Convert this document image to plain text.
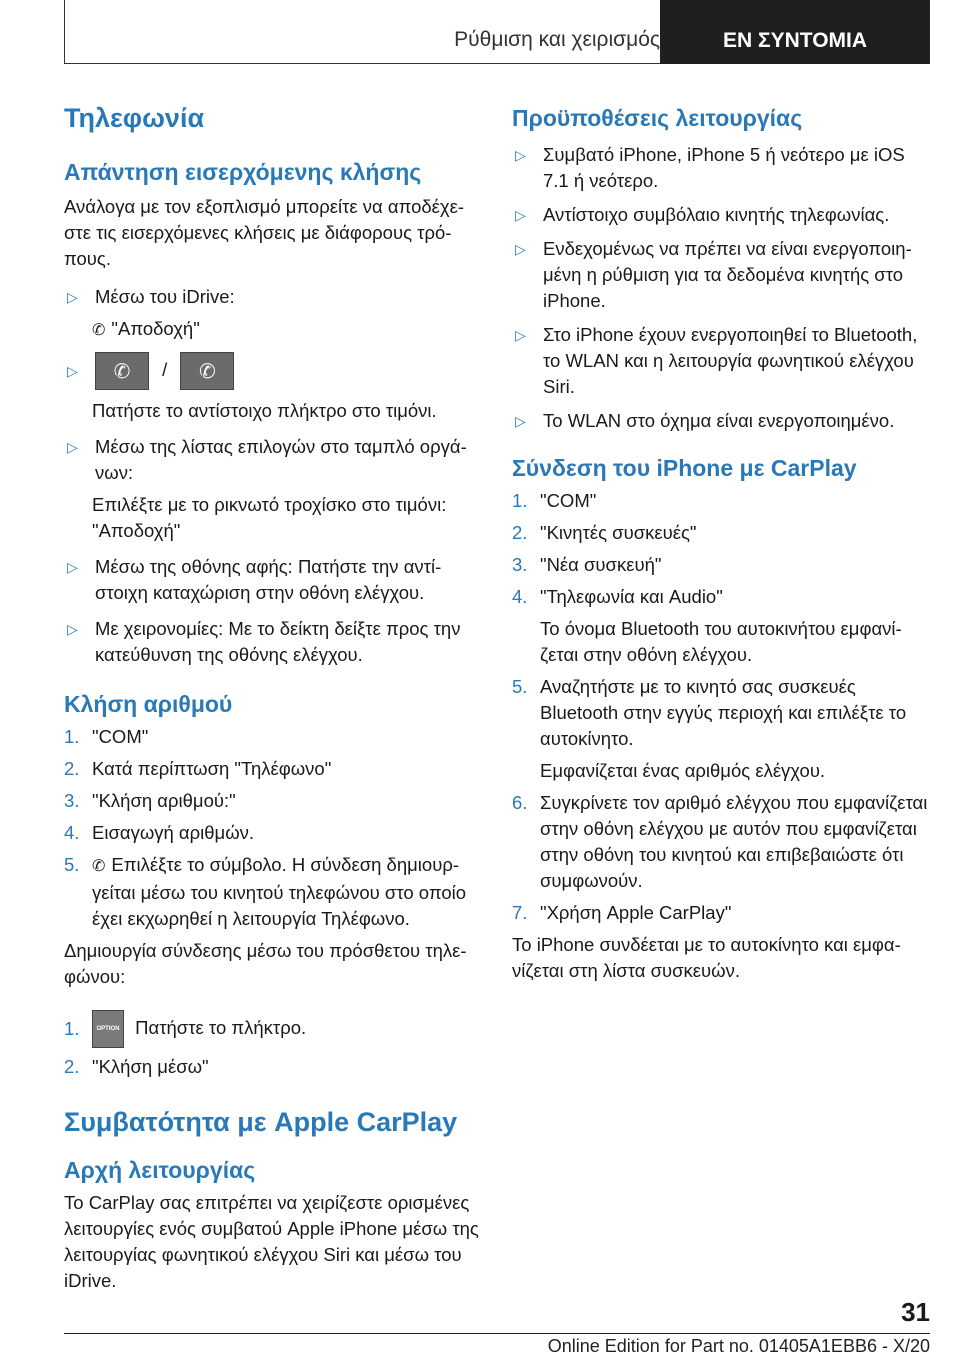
Ρύθμιση και χειρισμός	ΕΝ ΣΥΝΤΟΜΙΑ
Τηλεφωνία
Απάντηση εισερχόμενης κλήσης

Ανάλογα με τον εξοπλισμό μπορείτε να αποδέχεστε τις εισερχόμενες κλήσεις με διάφορους τρόπους.

▷ Μέσω του iDrive:
✆ "Αποδοχή"
▷	✆ / ✆
Πατήστε το αντίστοιχο πλήκτρο στο τιμόνι.
▷ Μέσω της λίστας επιλογών στο ταμπλό οργάνων:
Επιλέξτε με το ρικνωτό τροχίσκο στο τιμόνι: "Αποδοχή"
▷ Μέσω της οθόνης αφής: Πατήστε την αντίστοιχη καταχώριση στην οθόνη ελέγχου.
▷ Με χειρονομίες: Με το δείκτη δείξτε προς την κατεύθυνση της οθόνης ελέγχου.
Κλήση αριθμού
1. "COM"
2. Κατά περίπτωση "Τηλέφωνο"
3. "Κλήση αριθμού:"
4. Εισαγωγή αριθμών.
5. ✆ Επιλέξτε το σύμβολο. Η σύνδεση δημιουργείται μέσω του κινητού τηλεφώνου στο οποίο έχει εκχωρηθεί η λειτουργία Τηλέφωνο.

Δημιουργία σύνδεσης μέσω του πρόσθετου τηλεφώνου:

1.	OPTION Πατήστε το πλήκτρο.
2. "Κλήση μέσω"
Συμβατότητα με Apple CarPlay
Αρχή λειτουργίας

Το CarPlay σας επιτρέπει να χειρίζεστε ορισμένες λειτουργίες ενός συμβατού Apple iPhone μέσω της λειτουργίας φωνητικού ελέγχου Siri και μέσω του iDrive.

Προϋποθέσεις λειτουργίας
▷ Συμβατό iPhone, iPhone 5 ή νεότερο με iOS 7.1 ή νεότερο.
▷ Αντίστοιχο συμβόλαιο κινητής τηλεφωνίας.
▷ Ενδεχομένως να πρέπει να είναι ενεργοποιημένη η ρύθμιση για τα δεδομένα κινητής στο iPhone.
▷ Στο iPhone έχουν ενεργοποιηθεί το Bluetooth, το WLAN και η λειτουργία φωνητικού ελέγχου Siri.
▷ Το WLAN στο όχημα είναι ενεργοποιημένο.
Σύνδεση του iPhone με CarPlay
1. "COM"
2. "Κινητές συσκευές"
3. "Νέα συσκευή"
4. "Τηλεφωνία και Audio"
Το όνομα Bluetooth του αυτοκινήτου εμφανίζεται στην οθόνη ελέγχου.
5. Αναζητήστε με το κινητό σας συσκευές Bluetooth στην εγγύς περιοχή και επιλέξτε το αυτοκίνητο.
Εμφανίζεται ένας αριθμός ελέγχου.
6. Συγκρίνετε τον αριθμό ελέγχου που εμφανίζεται στην οθόνη ελέγχου με αυτόν που εμφανίζεται στην οθόνη του κινητού και επιβεβαιώστε ότι συμφωνούν.
7. "Χρήση Apple CarPlay"

Το iPhone συνδέεται με το αυτοκίνητο και εμφανίζεται στη λίστα συσκευών.

31
Online Edition for Part no. 01405A1EBB6 - X/20
